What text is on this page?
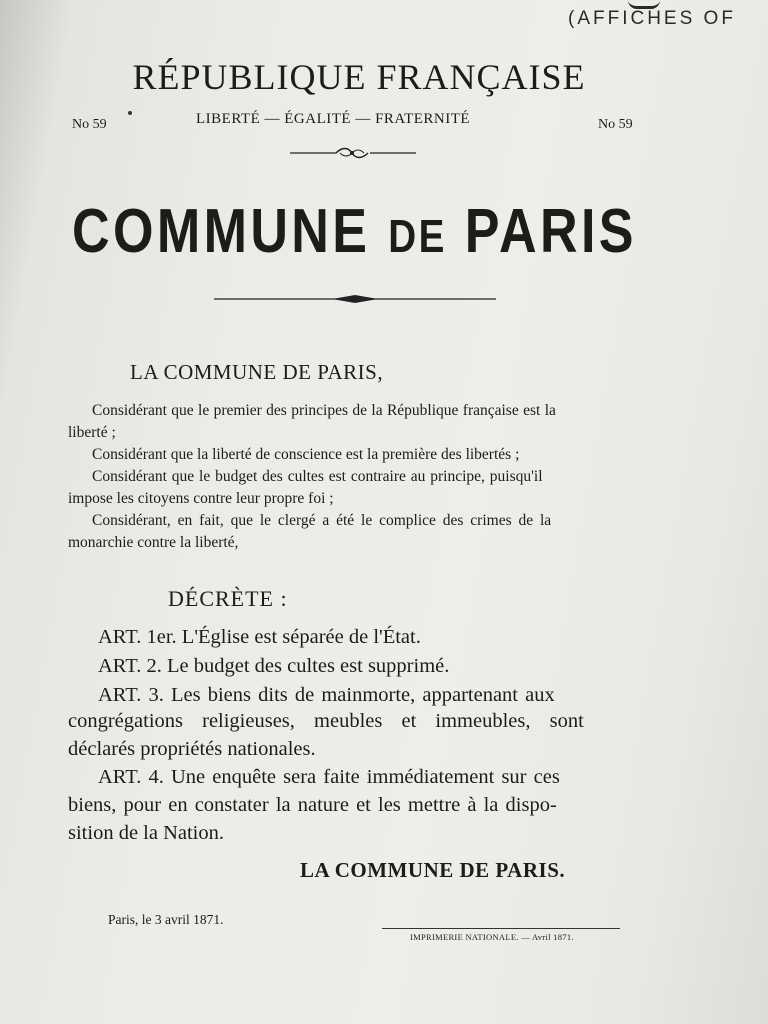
(AFFICHES OF
RÉPUBLIQUE FRANÇAISE
No 59	LIBERTÉ — ÉGALITÉ — FRATERNITÉ	No 59
COMMUNE DE PARIS
LA COMMUNE DE PARIS,
Considérant que le premier des principes de la République française est la
liberté ;
Considérant que la liberté de conscience est la première des libertés ;
Considérant que le budget des cultes est contraire au principe, puisqu'il
impose les citoyens contre leur propre foi ;
Considérant, en fait, que le clergé a été le complice des crimes de la
monarchie contre la liberté,
DÉCRÈTE :
ART. 1er. L'Église est séparée de l'État.
ART. 2. Le budget des cultes est supprimé.
ART. 3. Les biens dits de mainmorte, appartenant aux
congrégations religieuses, meubles et immeubles, sont
déclarés propriétés nationales.
ART. 4. Une enquête sera faite immédiatement sur ces
biens, pour en constater la nature et les mettre à la dispo-
sition de la Nation.
LA COMMUNE DE PARIS.
Paris, le 3 avril 1871.
IMPRIMERIE NATIONALE. — Avril 1871.
